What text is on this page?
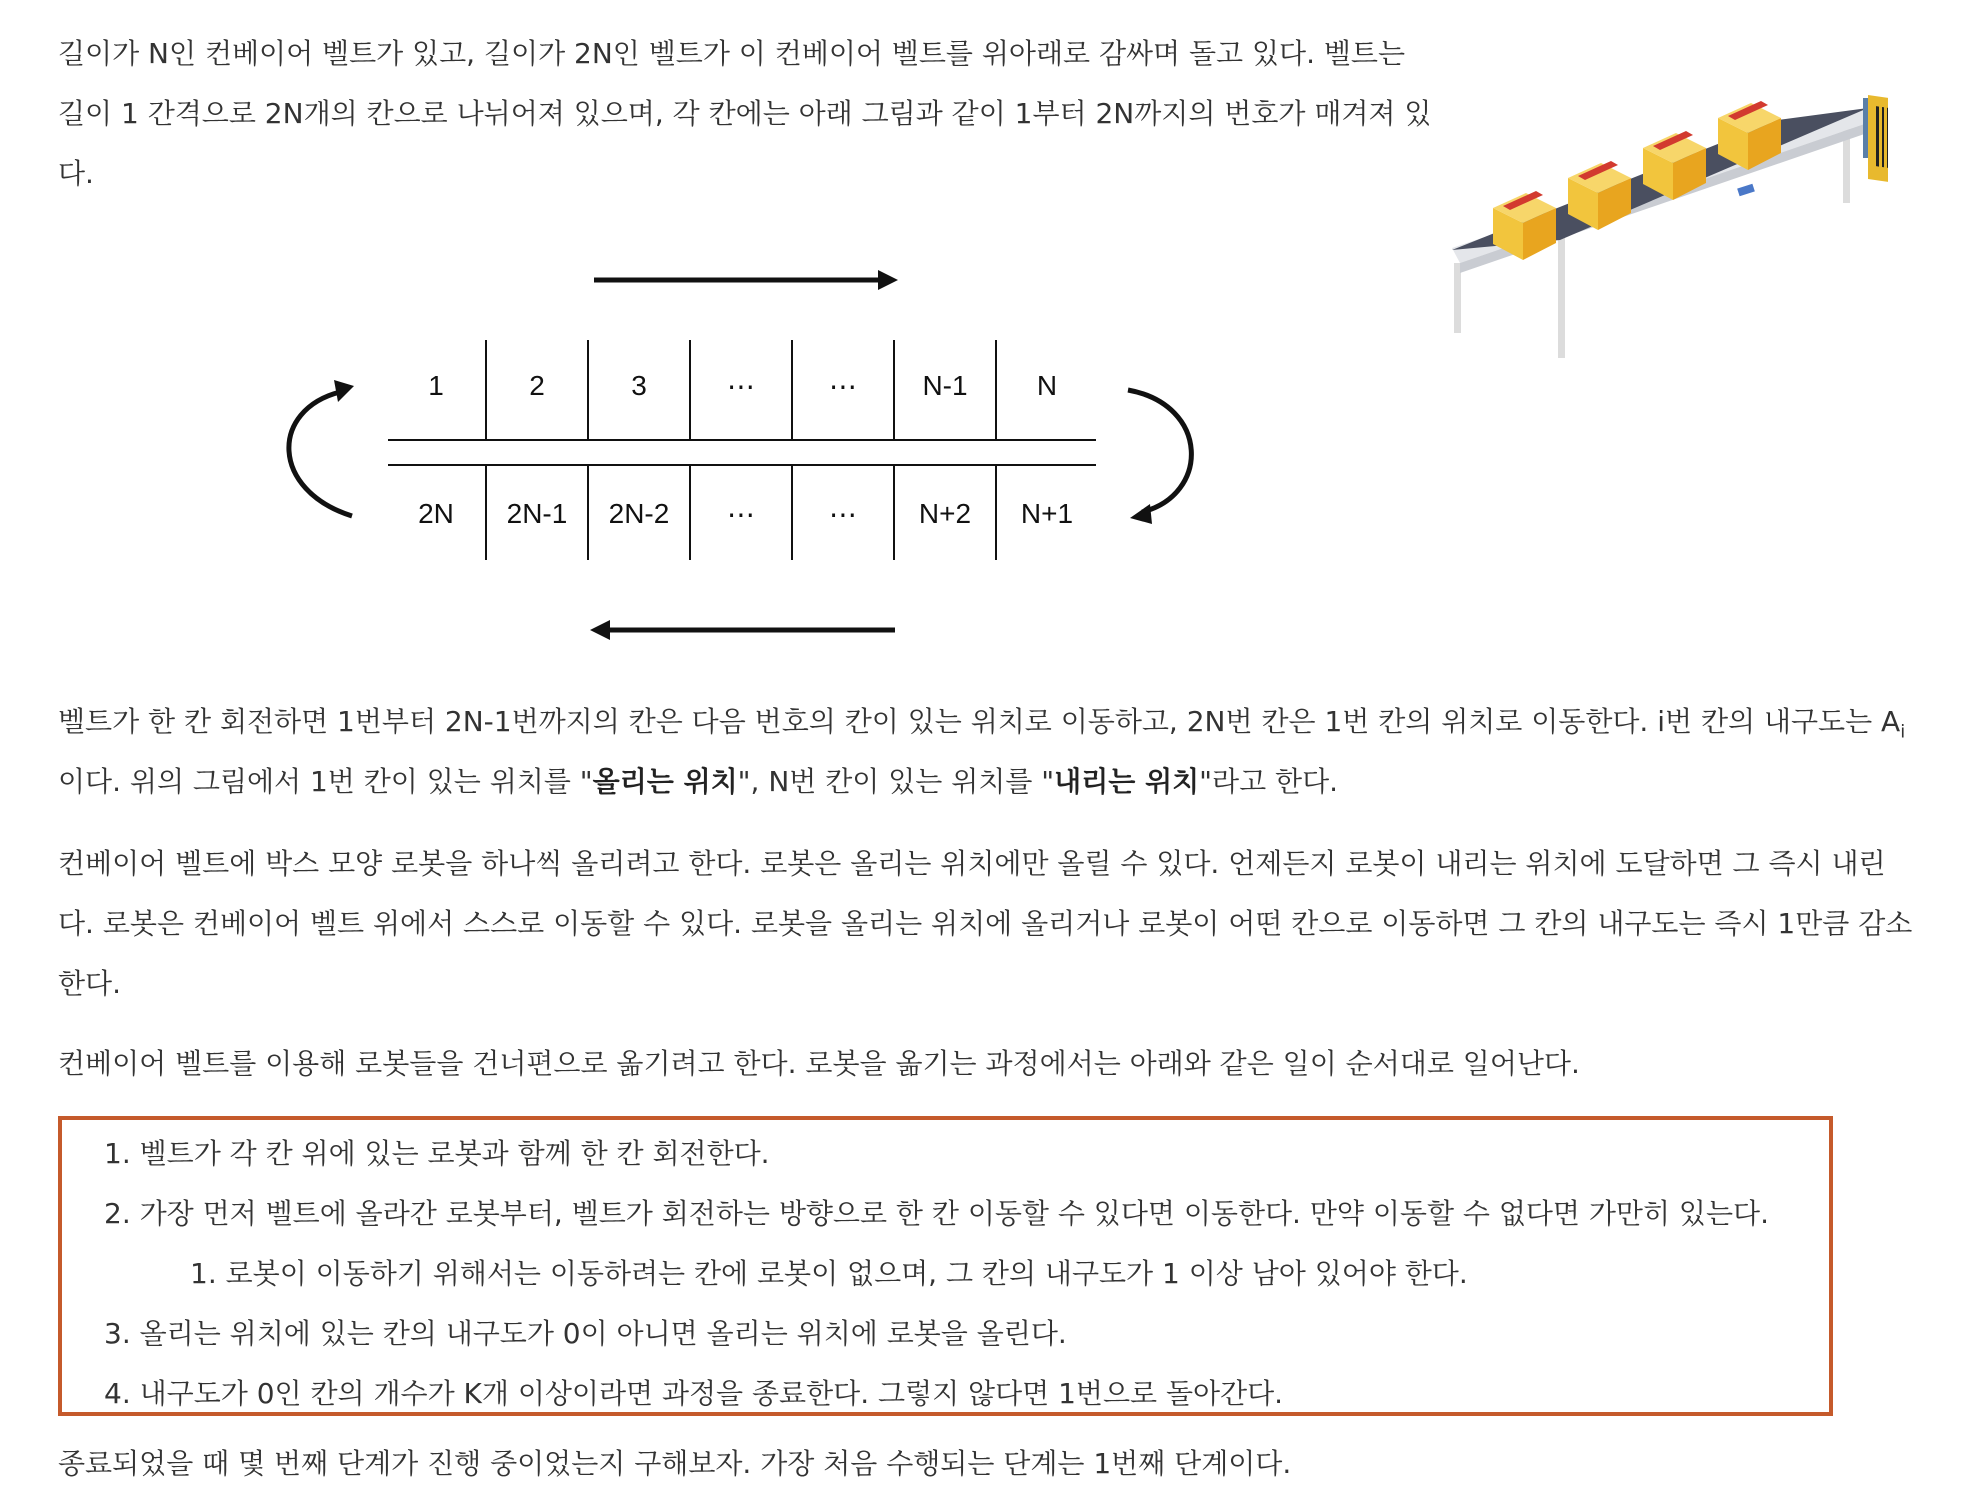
길이가 N인 컨베이어 벨트가 있고, 길이가 2N인 벨트가 이 컨베이어 벨트를 위아래로 감싸며 돌고 있다. 벨트는 길이 1 간격으로 2N개의 칸으로 나뉘어져 있으며, 각 칸에는 아래 그림과 같이 1부터 2N까지의 번호가 매겨져 있다.

1	2	3	⋯	⋯	N-1	N
2N	2N-1	2N-2	⋯	⋯	N+2	N+1

벨트가 한 칸 회전하면 1번부터 2N-1번까지의 칸은 다음 번호의 칸이 있는 위치로 이동하고, 2N번 칸은 1번 칸의 위치로 이동한다. i번 칸의 내구도는 $A_i$

이다. 위의 그림에서 1번 칸이 있는 위치를 "올리는 위치", N번 칸이 있는 위치를 "내리는 위치"라고 한다.

컨베이어 벨트에 박스 모양 로봇을 하나씩 올리려고 한다. 로봇은 올리는 위치에만 올릴 수 있다. 언제든지 로봇이 내리는 위치에 도달하면 그 즉시 내린

다. 로봇은 컨베이어 벨트 위에서 스스로 이동할 수 있다. 로봇을 올리는 위치에 올리거나 로봇이 어떤 칸으로 이동하면 그 칸의 내구도는 즉시 1만큼 감소

한다.

컨베이어 벨트를 이용해 로봇들을 건너편으로 옮기려고 한다. 로봇을 옮기는 과정에서는 아래와 같은 일이 순서대로 일어난다.

1. 벨트가 각 칸 위에 있는 로봇과 함께 한 칸 회전한다.
2. 가장 먼저 벨트에 올라간 로봇부터, 벨트가 회전하는 방향으로 한 칸 이동할 수 있다면 이동한다. 만약 이동할 수 없다면 가만히 있는다.
1. 로봇이 이동하기 위해서는 이동하려는 칸에 로봇이 없으며, 그 칸의 내구도가 1 이상 남아 있어야 한다.
3. 올리는 위치에 있는 칸의 내구도가 0이 아니면 올리는 위치에 로봇을 올린다.
4. 내구도가 0인 칸의 개수가 K개 이상이라면 과정을 종료한다. 그렇지 않다면 1번으로 돌아간다.

종료되었을 때 몇 번째 단계가 진행 중이었는지 구해보자. 가장 처음 수행되는 단계는 1번째 단계이다.
